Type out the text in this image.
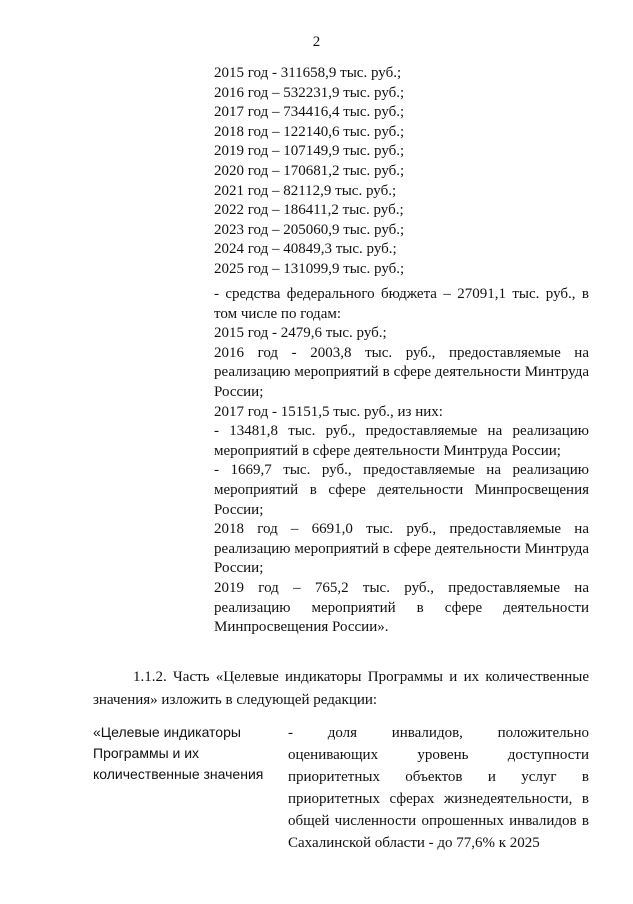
2
2015 год - 311658,9 тыс. руб.;
2016 год – 532231,9 тыс. руб.;
2017 год – 734416,4 тыс. руб.;
2018 год – 122140,6 тыс. руб.;
2019 год – 107149,9 тыс. руб.;
2020 год – 170681,2 тыс. руб.;
2021 год – 82112,9 тыс. руб.;
2022 год – 186411,2 тыс. руб.;
2023 год – 205060,9 тыс. руб.;
2024 год – 40849,3 тыс. руб.;
2025 год – 131099,9 тыс. руб.;

- средства федерального бюджета – 27091,1 тыс. руб., в том числе по годам:

2015 год - 2479,6 тыс. руб.;

2016 год - 2003,8 тыс. руб., предоставляемые на реализацию мероприятий в сфере деятельности Минтруда России;

2017 год - 15151,5 тыс. руб., из них:

- 13481,8 тыс. руб., предоставляемые на реализацию мероприятий в сфере деятельности Минтруда России;

- 1669,7 тыс. руб., предоставляемые на реализацию мероприятий в сфере деятельности Минпросвещения России;

2018 год – 6691,0 тыс. руб., предоставляемые на реализацию мероприятий в сфере деятельности Минтруда России;

2019 год – 765,2 тыс. руб., предоставляемые на реализацию мероприятий в сфере деятельности Минпросвещения России».

1.1.2. Часть «Целевые индикаторы Программы и их количественные значения» изложить в следующей редакции:

«Целевые индикаторы Программы и их количественные значения
- доля инвалидов, положительно оценивающих уровень доступности приоритетных объектов и услуг в приоритетных сферах жизнедеятельности, в общей численности опрошенных инвалидов в Сахалинской области - до 77,6% к 2025
